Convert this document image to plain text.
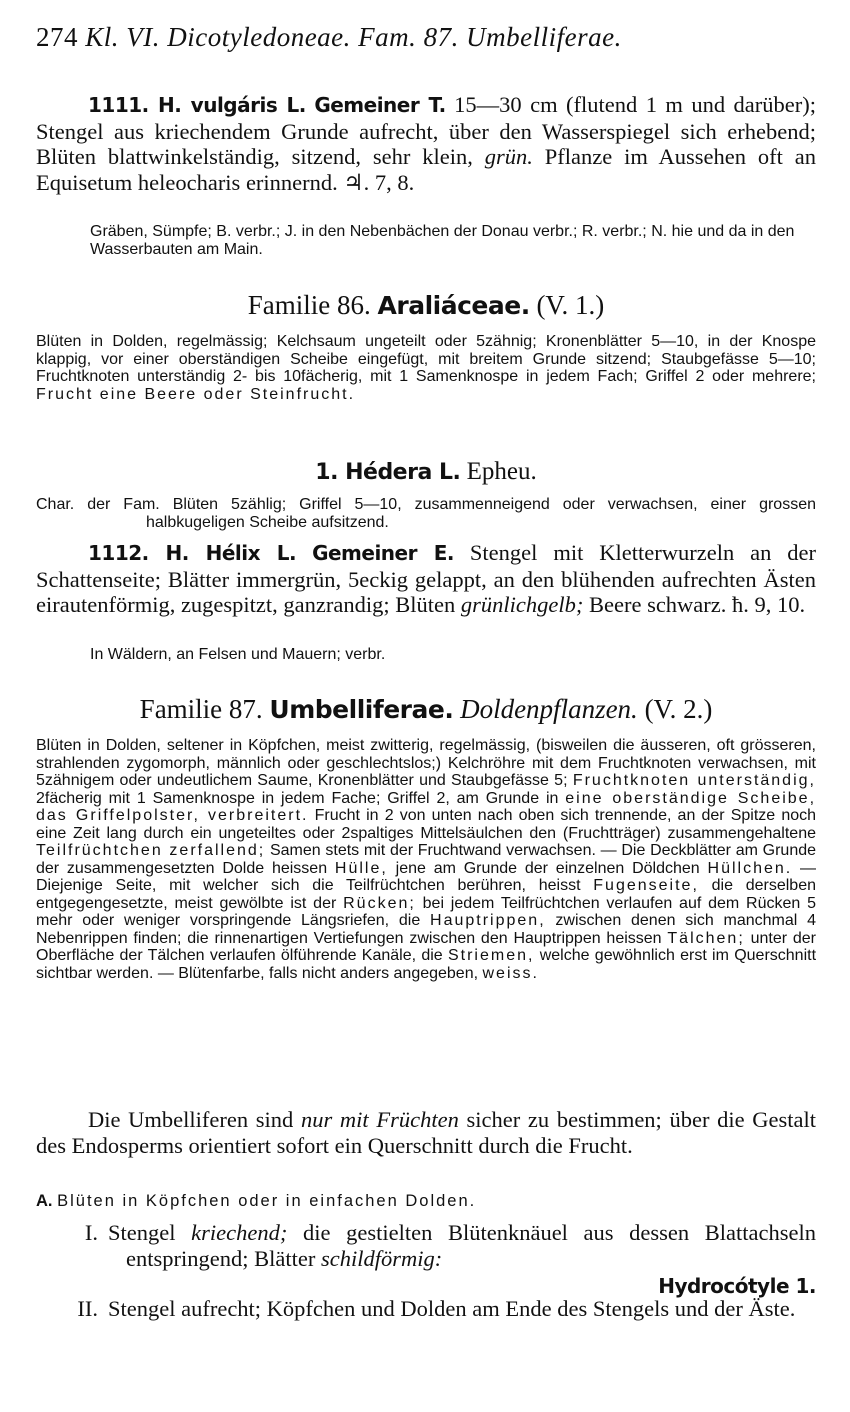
274 Kl. VI. Dicotyledoneae. Fam. 87. Umbelliferae.
1111. H. vulgáris L. Gemeiner T. 15—30 cm (flutend 1 m und darüber); Stengel aus kriechendem Grunde aufrecht, über den Wasserspiegel sich erhebend; Blüten blattwinkelständig, sitzend, sehr klein, grün. Pflanze im Aussehen oft an Equisetum heleocharis erinnernd. ♃. 7, 8.
Gräben, Sümpfe; B. verbr.; J. in den Nebenbächen der Donau verbr.; R. verbr.; N. hie und da in den Wasserbauten am Main.
Familie 86. Araliáceae. (V. 1.)
Blüten in Dolden, regelmässig; Kelchsaum ungeteilt oder 5zähnig; Kronenblätter 5—10, in der Knospe klappig, vor einer oberständigen Scheibe eingefügt, mit breitem Grunde sitzend; Staubgefässe 5—10; Fruchtknoten unterständig 2- bis 10fächerig, mit 1 Samenknospe in jedem Fach; Griffel 2 oder mehrere; Frucht eine Beere oder Steinfrucht.
1. Hédera L. Epheu.
Char. der Fam. Blüten 5zählig; Griffel 5—10, zusammenneigend oder verwachsen, einer grossen halbkugeligen Scheibe aufsitzend.
1112. H. Hélix L. Gemeiner E. Stengel mit Kletterwurzeln an der Schattenseite; Blätter immergrün, 5eckig gelappt, an den blühenden aufrechten Ästen eirautenförmig, zugespitzt, ganzrandig; Blüten grünlichgelb; Beere schwarz. ħ. 9, 10.
In Wäldern, an Felsen und Mauern; verbr.
Familie 87. Umbelliferae. Doldenpflanzen. (V. 2.)
Blüten in Dolden, seltener in Köpfchen, meist zwitterig, regelmässig, (bisweilen die äusseren, oft grösseren, strahlenden zygomorph, männlich oder geschlechtslos;) Kelchröhre mit dem Fruchtknoten verwachsen, mit 5zähnigem oder undeutlichem Saume, Kronenblätter und Staubgefässe 5; Fruchtknoten unterständig, 2fächerig mit 1 Samenknospe in jedem Fache; Griffel 2, am Grunde in eine oberständige Scheibe, das Griffelpolster, verbreitert. Frucht in 2 von unten nach oben sich trennende, an der Spitze noch eine Zeit lang durch ein ungeteiltes oder 2spaltiges Mittelsäulchen den (Fruchtträger) zusammengehaltene Teilfrüchtchen zerfallend; Samen stets mit der Fruchtwand verwachsen. — Die Deckblätter am Grunde der zusammengesetzten Dolde heissen Hülle, jene am Grunde der einzelnen Döldchen Hüllchen. — Diejenige Seite, mit welcher sich die Teilfrüchtchen berühren, heisst Fugenseite, die derselben entgegengesetzte, meist gewölbte ist der Rücken; bei jedem Teilfrüchtchen verlaufen auf dem Rücken 5 mehr oder weniger vorspringende Längsriefen, die Hauptrippen, zwischen denen sich manchmal 4 Nebenrippen finden; die rinnenartigen Vertiefungen zwischen den Hauptrippen heissen Tälchen; unter der Oberfläche der Tälchen verlaufen ölführende Kanäle, die Striemen, welche gewöhnlich erst im Querschnitt sichtbar werden. — Blütenfarbe, falls nicht anders angegeben, weiss.
Die Umbelliferen sind nur mit Früchten sicher zu bestimmen; über die Gestalt des Endosperms orientiert sofort ein Querschnitt durch die Frucht.
A. Blüten in Köpfchen oder in einfachen Dolden.
I. Stengel kriechend; die gestielten Blütenknäuel aus dessen Blattachseln entspringend; Blätter schildförmig:
Hydrocótyle 1.
II. Stengel aufrecht; Köpfchen und Dolden am Ende des Stengels und der Äste.
